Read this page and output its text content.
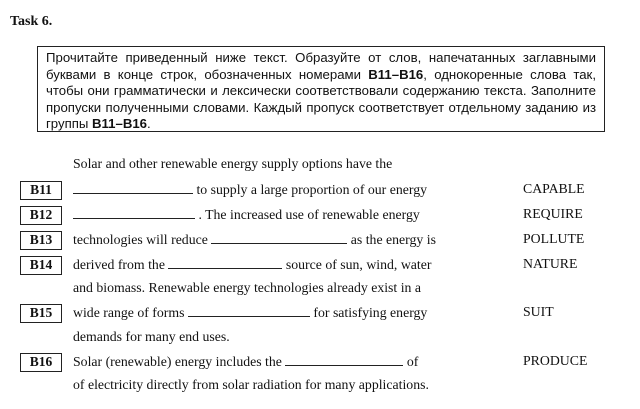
Task 6.

Прочитайте приведенный ниже текст. Образуйте от слов, напечатанных заглавными буквами в конце строк, обозначенных номерами B11–B16, однокоренные слова так, чтобы они грамматически и лексически соответствовали содержанию текста. Заполните пропуски полученными словами. Каждый пропуск соответствует отдельному заданию из группы B11–B16.

Solar and other renewable energy supply options have the
B11	to supply a large proportion of our energy	CAPABLE
B12	. The increased use of renewable energy	REQUIRE
B13	technologies will reduce	as the energy is	POLLUTE
B14	derived from the	source of sun, wind, water	NATURE
and biomass. Renewable energy technologies already exist in a
B15	wide range of forms	for satisfying energy	SUIT
demands for many end uses.
B16	Solar (renewable) energy includes the	of	PRODUCE
of electricity directly from solar radiation for many applications.
